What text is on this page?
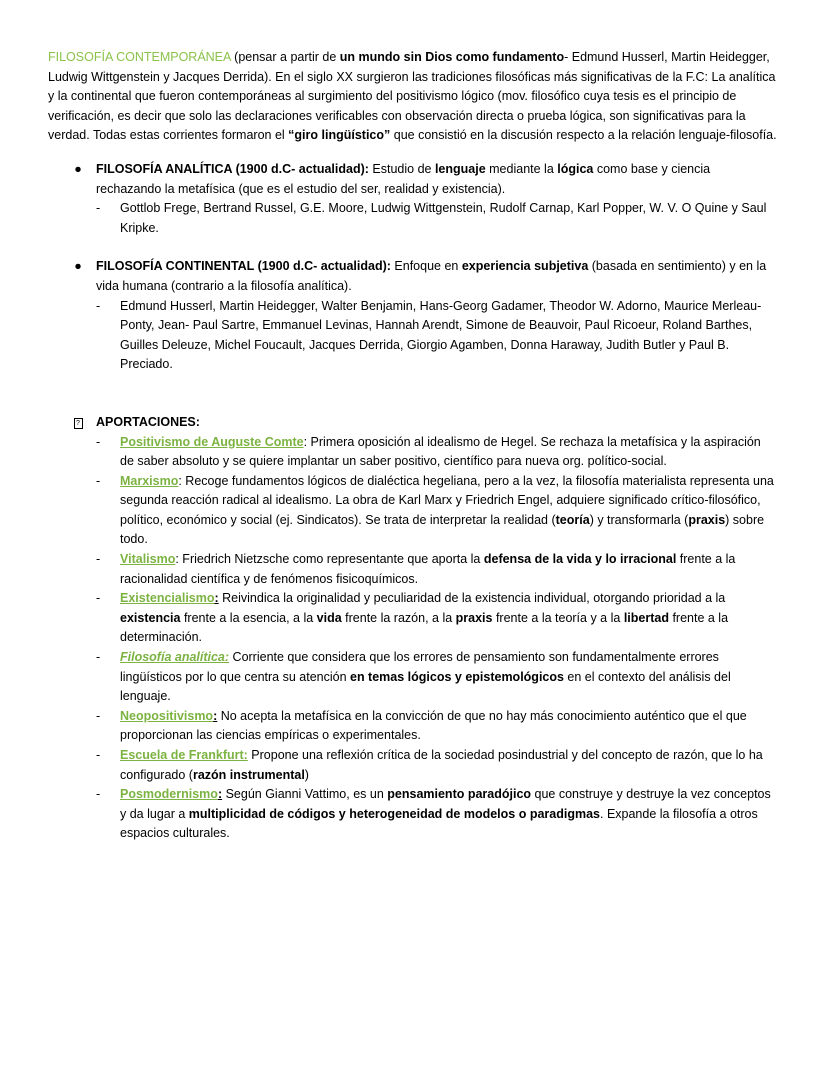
FILOSOFÍA CONTEMPORÁNEA (pensar a partir de un mundo sin Dios como fundamento- Edmund Husserl, Martin Heidegger, Ludwig Wittgenstein y Jacques Derrida). En el siglo XX surgieron las tradiciones filosóficas más significativas de la F.C: La analítica y la continental que fueron contemporáneas al surgimiento del positivismo lógico (mov. filosófico cuya tesis es el principio de verificación, es decir que solo las declaraciones verificables con observación directa o prueba lógica, son significativas para la verdad. Todas estas corrientes formaron el “giro lingüístico” que consistió en la discusión respecto a la relación lenguaje-filosofía.

● FILOSOFÍA ANALÍTICA (1900 d.C- actualidad): Estudio de lenguaje mediante la lógica como base y ciencia rechazando la metafísica (que es el estudio del ser, realidad y existencia).

- Gottlob Frege, Bertrand Russel, G.E. Moore, Ludwig Wittgenstein, Rudolf Carnap, Karl Popper, W. V. O Quine y Saul Kripke.

● FILOSOFÍA CONTINENTAL (1900 d.C- actualidad): Enfoque en experiencia subjetiva (basada en sentimiento) y en la vida humana (contrario a la filosofía analítica).

- Edmund Husserl, Martin Heidegger, Walter Benjamin, Hans-Georg Gadamer, Theodor W. Adorno, Maurice Merleau- Ponty, Jean- Paul Sartre, Emmanuel Levinas, Hannah Arendt, Simone de Beauvoir, Paul Ricoeur, Roland Barthes, Guilles Deleuze, Michel Foucault, Jacques Derrida, Giorgio Agamben, Donna Haraway, Judith Butler y Paul B. Preciado.

?	APORTACIONES:

- Positivismo de Auguste Comte: Primera oposición al idealismo de Hegel. Se rechaza la metafísica y la aspiración de saber absoluto y se quiere implantar un saber positivo, científico para nueva org. político-social.

- Marxismo: Recoge fundamentos lógicos de dialéctica hegeliana, pero a la vez, la filosofía materialista representa una segunda reacción radical al idealismo. La obra de Karl Marx y Friedrich Engel, adquiere significado crítico-filosófico, político, económico y social (ej. Sindicatos). Se trata de interpretar la realidad (teoría) y transformarla (praxis) sobre todo.

- Vitalismo: Friedrich Nietzsche como representante que aporta la defensa de la vida y lo irracional frente a la racionalidad científica y de fenómenos fisicoquímicos.

- Existencialismo: Reivindica la originalidad y peculiaridad de la existencia individual, otorgando prioridad a la existencia frente a la esencia, a la vida frente la razón, a la praxis frente a la teoría y a la libertad frente a la determinación.

- Filosofía analítica: Corriente que considera que los errores de pensamiento son fundamentalmente errores lingüísticos por lo que centra su atención en temas lógicos y epistemológicos en el contexto del análisis del lenguaje.

- Neopositivismo: No acepta la metafísica en la convicción de que no hay más conocimiento auténtico que el que proporcionan las ciencias empíricas o experimentales.

- Escuela de Frankfurt: Propone una reflexión crítica de la sociedad posindustrial y del concepto de razón, que lo ha configurado (razón instrumental)

- Posmodernismo: Según Gianni Vattimo, es un pensamiento paradójico que construye y destruye la vez conceptos y da lugar a multiplicidad de códigos y heterogeneidad de modelos o paradigmas. Expande la filosofía a otros espacios culturales.
